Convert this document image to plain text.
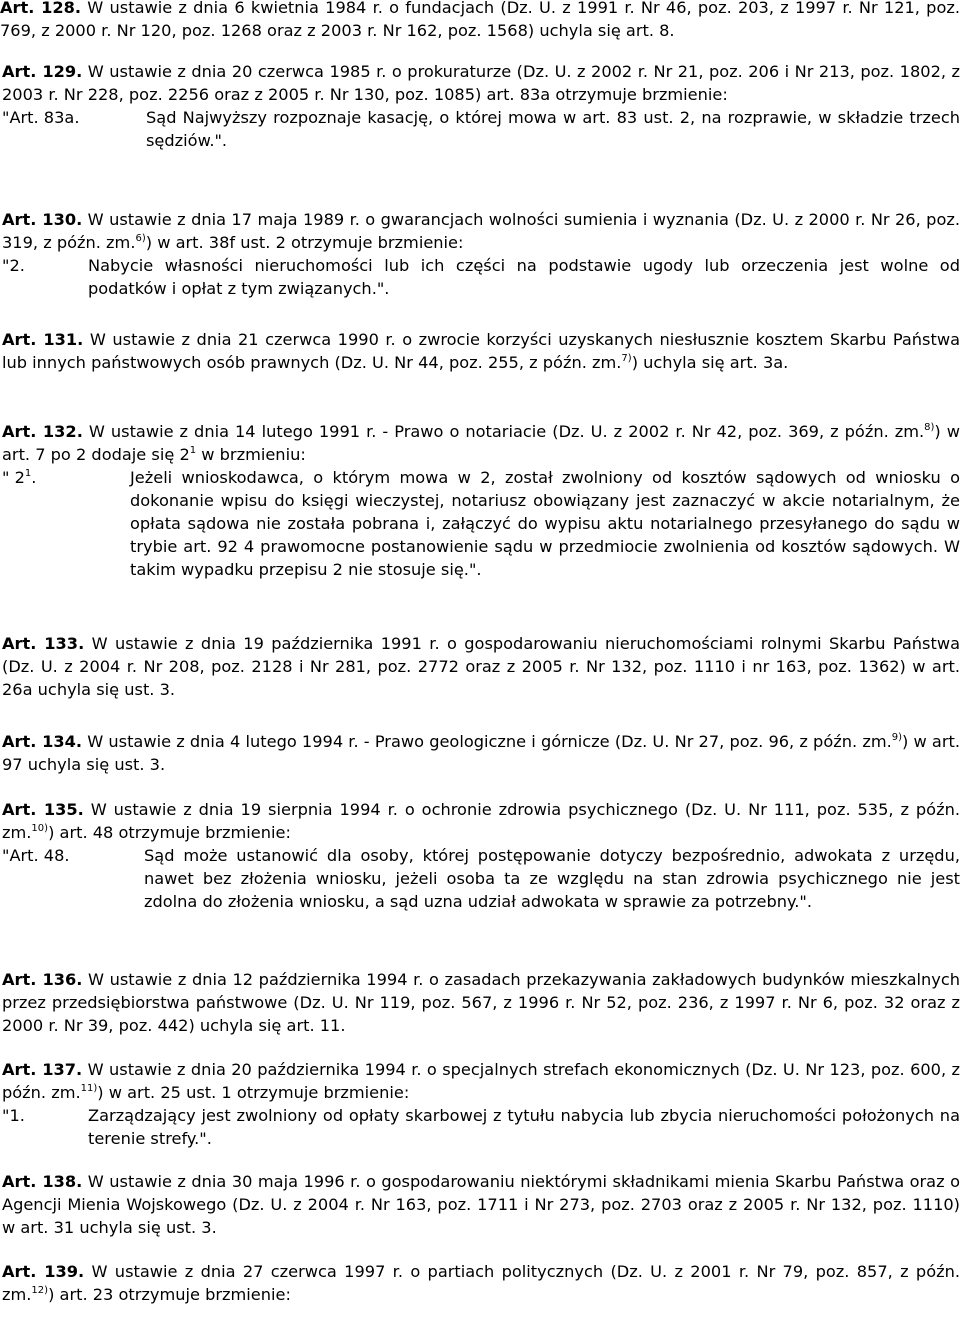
Art. 128. W ustawie z dnia 6 kwietnia 1984 r. o fundacjach (Dz. U. z 1991 r. Nr 46, poz. 203, z 1997 r. Nr 121, poz. 769, z 2000 r. Nr 120, poz. 1268 oraz z 2003 r. Nr 162, poz. 1568) uchyla się art. 8.

Art. 129. W ustawie z dnia 20 czerwca 1985 r. o prokuraturze (Dz. U. z 2002 r. Nr 21, poz. 206 i Nr 213, poz. 1802, z 2003 r. Nr 228, poz. 2256 oraz z 2005 r. Nr 130, poz. 1085) art. 83a otrzymuje brzmienie:

"Art. 83a.	Sąd Najwyższy rozpoznaje kasację, o której mowa w art. 83 ust. 2, na rozprawie, w składzie trzech sędziów.".

Art. 130. W ustawie z dnia 17 maja 1989 r. o gwarancjach wolności sumienia i wyznania (Dz. U. z 2000 r. Nr 26, poz. 319, z późn. zm.$^{6)}$) w art. 38f ust. 2 otrzymuje brzmienie:

"2.	Nabycie własności nieruchomości lub ich części na podstawie ugody lub orzeczenia jest wolne od podatków i opłat z tym związanych.".

Art. 131. W ustawie z dnia 21 czerwca 1990 r. o zwrocie korzyści uzyskanych niesłusznie kosztem Skarbu Państwa lub innych państwowych osób prawnych (Dz. U. Nr 44, poz. 255, z późn. zm.$^{7)}$) uchyla się art. 3a.

Art. 132. W ustawie z dnia 14 lutego 1991 r. - Prawo o notariacie (Dz. U. z 2002 r. Nr 42, poz. 369, z późn. zm.$^{8)}$) w art. 7 po 2 dodaje się $2^1$ w brzmieniu:

" $2^1$.	Jeżeli wnioskodawca, o którym mowa w 2, został zwolniony od kosztów sądowych od wniosku o dokonanie wpisu do księgi wieczystej, notariusz obowiązany jest zaznaczyć w akcie notarialnym, że opłata sądowa nie została pobrana i, załączyć do wypisu aktu notarialnego przesyłanego do sądu w trybie art. 92 4 prawomocne postanowienie sądu w przedmiocie zwolnienia od kosztów sądowych. W takim wypadku przepisu 2 nie stosuje się.".

Art. 133. W ustawie z dnia 19 października 1991 r. o gospodarowaniu nieruchomościami rolnymi Skarbu Państwa (Dz. U. z 2004 r. Nr 208, poz. 2128 i Nr 281, poz. 2772 oraz z 2005 r. Nr 132, poz. 1110 i nr 163, poz. 1362) w art. 26a uchyla się ust. 3.

Art. 134. W ustawie z dnia 4 lutego 1994 r. - Prawo geologiczne i górnicze (Dz. U. Nr 27, poz. 96, z późn. zm.$^{9)}$) w art. 97 uchyla się ust. 3.

Art. 135. W ustawie z dnia 19 sierpnia 1994 r. o ochronie zdrowia psychicznego (Dz. U. Nr 111, poz. 535, z późn. zm.$^{10)}$) art. 48 otrzymuje brzmienie:

"Art. 48.	Sąd może ustanowić dla osoby, której postępowanie dotyczy bezpośrednio, adwokata z urzędu, nawet bez złożenia wniosku, jeżeli osoba ta ze względu na stan zdrowia psychicznego nie jest zdolna do złożenia wniosku, a sąd uzna udział adwokata w sprawie za potrzebny.".

Art. 136. W ustawie z dnia 12 października 1994 r. o zasadach przekazywania zakładowych budynków mieszkalnych przez przedsiębiorstwa państwowe (Dz. U. Nr 119, poz. 567, z 1996 r. Nr 52, poz. 236, z 1997 r. Nr 6, poz. 32 oraz z 2000 r. Nr 39, poz. 442) uchyla się art. 11.

Art. 137. W ustawie z dnia 20 października 1994 r. o specjalnych strefach ekonomicznych (Dz. U. Nr 123, poz. 600, z późn. zm.$^{11)}$) w art. 25 ust. 1 otrzymuje brzmienie:

"1.	Zarządzający jest zwolniony od opłaty skarbowej z tytułu nabycia lub zbycia nieruchomości położonych na terenie strefy.".

Art. 138. W ustawie z dnia 30 maja 1996 r. o gospodarowaniu niektórymi składnikami mienia Skarbu Państwa oraz o Agencji Mienia Wojskowego (Dz. U. z 2004 r. Nr 163, poz. 1711 i Nr 273, poz. 2703 oraz z 2005 r. Nr 132, poz. 1110) w art. 31 uchyla się ust. 3.

Art. 139. W ustawie z dnia 27 czerwca 1997 r. o partiach politycznych (Dz. U. z 2001 r. Nr 79, poz. 857, z późn. zm.$^{12)}$) art. 23 otrzymuje brzmienie:
